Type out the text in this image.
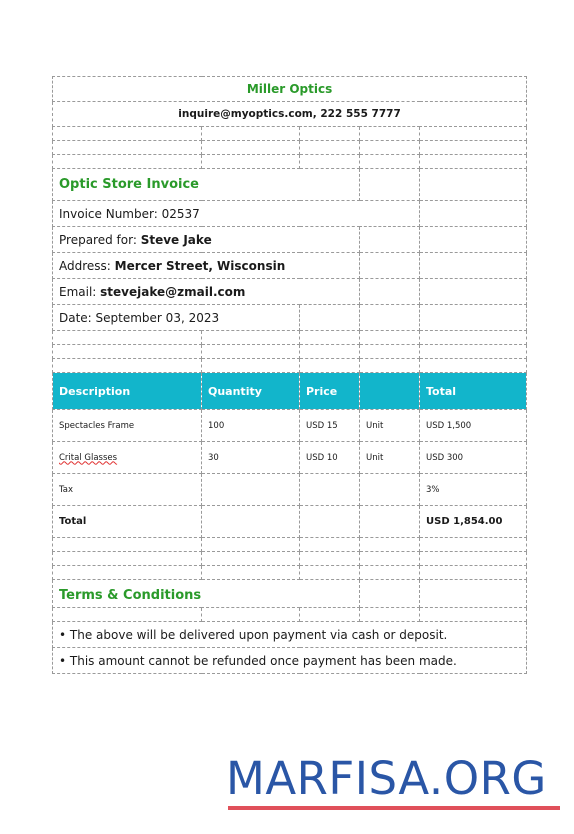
Miller Optics				
inquire@myoptics.com, 222 555 7777				

Optic Store Invoice				
Invoice Number: 02537				
Prepared for: Steve Jake				
Address: Mercer Street, Wisconsin				
Email: stevejake@zmail.com				
Date: September 03, 2023				

Description	Quantity	Price		Total
Spectacles Frame	100	USD 15	Unit	USD 1,500
Crital Glasses	30	USD 10	Unit	USD 300
Tax				3%
Total				USD 1,854.00

Terms & Conditions				

• The above will be delivered upon payment via cash or deposit.				
• This amount cannot be refunded once payment has been made.				
MARFISA.ORG
